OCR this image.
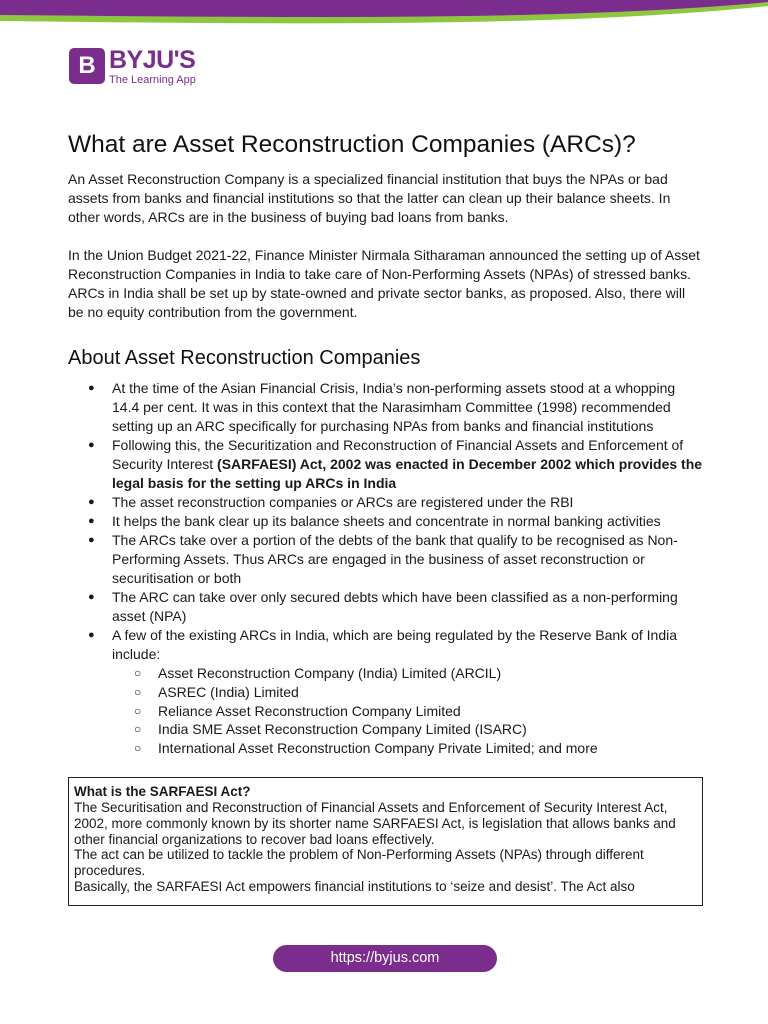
B BYJU'S
The Learning App
What are Asset Reconstruction Companies (ARCs)?

An Asset Reconstruction Company is a specialized financial institution that buys the NPAs or bad assets from banks and financial institutions so that the latter can clean up their balance sheets. In other words, ARCs are in the business of buying bad loans from banks.

In the Union Budget 2021-22, Finance Minister Nirmala Sitharaman announced the setting up of Asset Reconstruction Companies in India to take care of Non-Performing Assets (NPAs) of stressed banks. ARCs in India shall be set up by state-owned and private sector banks, as proposed. Also, there will be no equity contribution from the government.

About Asset Reconstruction Companies
● At the time of the Asian Financial Crisis, India’s non-performing assets stood at a whopping 14.4 per cent. It was in this context that the Narasimham Committee (1998) recommended setting up an ARC specifically for purchasing NPAs from banks and financial institutions
● Following this, the Securitization and Reconstruction of Financial Assets and Enforcement of Security Interest (SARFAESI) Act, 2002 was enacted in December 2002 which provides the legal basis for the setting up ARCs in India
● The asset reconstruction companies or ARCs are registered under the RBI
● It helps the bank clear up its balance sheets and concentrate in normal banking activities
● The ARCs take over a portion of the debts of the bank that qualify to be recognised as Non-Performing Assets. Thus ARCs are engaged in the business of asset reconstruction or securitisation or both
● The ARC can take over only secured debts which have been classified as a non-performing asset (NPA)
● A few of the existing ARCs in India, which are being regulated by the Reserve Bank of India include:
○ Asset Reconstruction Company (India) Limited (ARCIL)
○ ASREC (India) Limited
○ Reliance Asset Reconstruction Company Limited
○ India SME Asset Reconstruction Company Limited (ISARC)
○ International Asset Reconstruction Company Private Limited; and more
What is the SARFAESI Act?

The Securitisation and Reconstruction of Financial Assets and Enforcement of Security Interest Act, 2002, more commonly known by its shorter name SARFAESI Act, is legislation that allows banks and other financial organizations to recover bad loans effectively.

The act can be utilized to tackle the problem of Non-Performing Assets (NPAs) through different procedures.

Basically, the SARFAESI Act empowers financial institutions to ‘seize and desist’. The Act also

https://byjus.com
